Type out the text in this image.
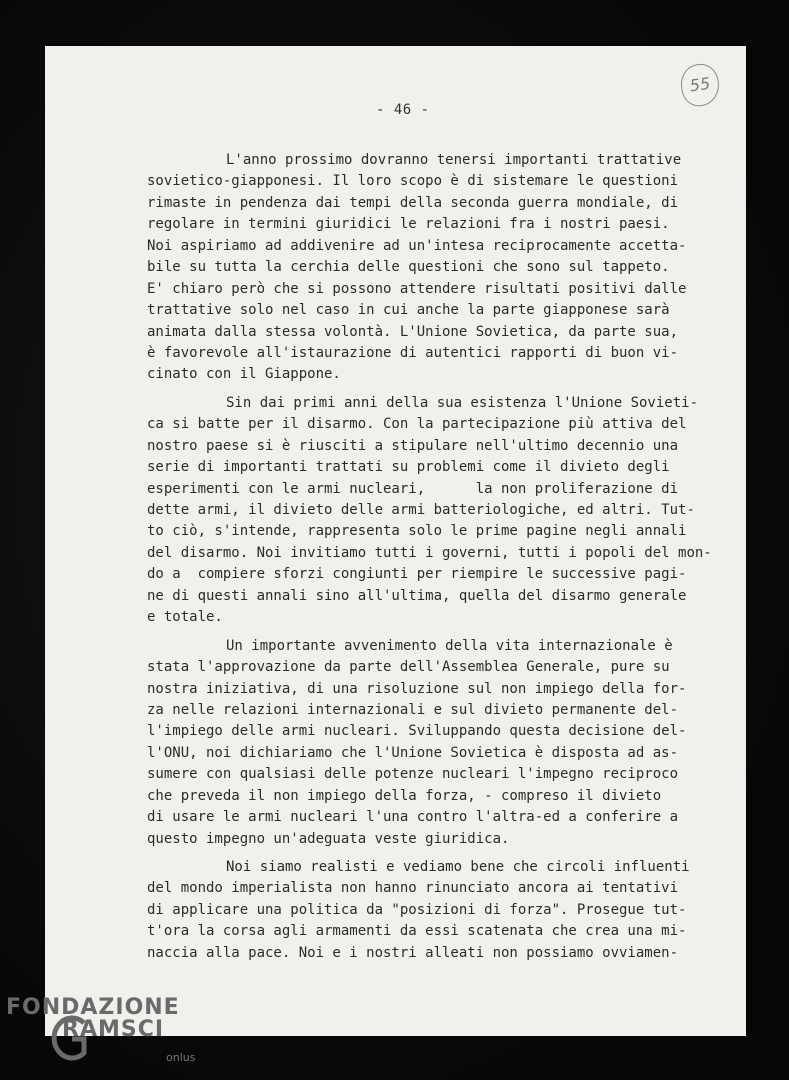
- 46 -
55
L'anno prossimo dovranno tenersi importanti trattative
sovietico-giapponesi. Il loro scopo è di sistemare le questioni
rimaste in pendenza dai tempi della seconda guerra mondiale, di
regolare in termini giuridici le relazioni fra i nostri paesi.
Noi aspiriamo ad addivenire ad un'intesa reciprocamente accetta-
bile su tutta la cerchia delle questioni che sono sul tappeto.
E' chiaro però che si possono attendere risultati positivi dalle
trattative solo nel caso in cui anche la parte giapponese sarà
animata dalla stessa volontà. L'Unione Sovietica, da parte sua,
è favorevole all'istaurazione di autentici rapporti di buon vi-
cinato con il Giappone.
Sin dai primi anni della sua esistenza l'Unione Sovieti-
ca si batte per il disarmo. Con la partecipazione più attiva del
nostro paese si è riusciti a stipulare nell'ultimo decennio una
serie di importanti trattati su problemi come il divieto degli
esperimenti con le armi nucleari,      la non proliferazione di
dette armi, il divieto delle armi batteriologiche, ed altri. Tut-
to ciò, s'intende, rappresenta solo le prime pagine negli annali
del disarmo. Noi invitiamo tutti i governi, tutti i popoli del mon-
do a  compiere sforzi congiunti per riempire le successive pagi-
ne di questi annali sino all'ultima, quella del disarmo generale
e totale.
Un importante avvenimento della vita internazionale è
stata l'approvazione da parte dell'Assemblea Generale, pure su
nostra iniziativa, di una risoluzione sul non impiego della for-
za nelle relazioni internazionali e sul divieto permanente del-
l'impiego delle armi nucleari. Sviluppando questa decisione del-
l'ONU, noi dichiariamo che l'Unione Sovietica è disposta ad as-
sumere con qualsiasi delle potenze nucleari l'impegno reciproco
che preveda il non impiego della forza, - compreso il divieto
di usare le armi nucleari l'una contro l'altra-ed a conferire a
questo impegno un'adeguata veste giuridica.
Noi siamo realisti e vediamo bene che circoli influenti
del mondo imperialista non hanno rinunciato ancora ai tentativi
di applicare una politica da "posizioni di forza". Prosegue tut-
t'ora la corsa agli armamenti da essi scatenata che crea una mi-
naccia alla pace. Noi e i nostri alleati non possiamo ovviamen-
FONDAZIONE
RAMSCI
onlus
